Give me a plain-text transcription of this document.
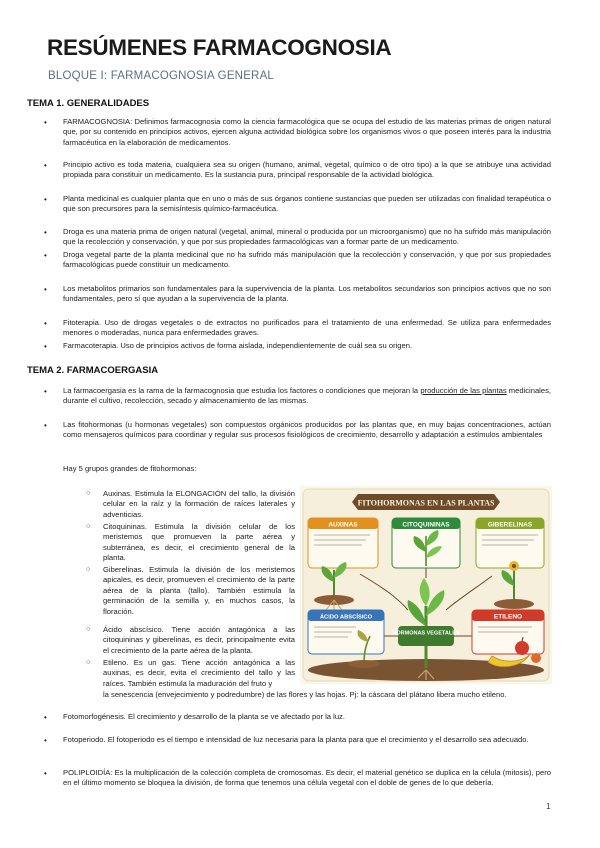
RESÚMENES FARMACOGNOSIA
BLOQUE I: FARMACOGNOSIA GENERAL
TEMA 1. GENERALIDADES
• FARMACOGNOSIA: Definimos farmacognosia como la ciencia farmacológica que se ocupa del estudio de las materias primas de origen natural que, por su contenido en principios activos, ejercen alguna actividad biológica sobre los organismos vivos o que poseen interés para la industria farmacéutica en la elaboración de medicamentos.
• Principio activo es toda materia, cualquiera sea su origen (humano, animal, vegetal, químico o de otro tipo) a la que se atribuye una actividad propiada para constituir un medicamento. Es la sustancia pura, principal responsable de la actividad biológica.
• Planta medicinal es cualquier planta que en uno o más de sus órganos contiene sustancias que pueden ser utilizadas con finalidad terapéutica o que son precursores para la semisíntesis químico-farmacéutica.
• Droga es una materia prima de origen natural (vegetal, animal, mineral o producida por un microorganismo) que no ha sufrido más manipulación que la recolección y conservación, y que por sus propiedades farmacológicas van a formar parte de un medicamento.
• Droga vegetal parte de la planta medicinal que no ha sufrido más manipulación que la recolección y conservación, y que por sus propiedades farmacológicas puede constituir un medicamento.
• Los metabolitos primarios son fundamentales para la supervivencia de la planta. Los metabolitos secundarios son principios activos que no son fundamentales, pero sí que ayudan a la supervivencia de la planta.
• Fitoterapia. Uso de drogas vegetales o de extractos no purificados para el tratamiento de una enfermedad. Se utiliza para enfermedades menores o moderadas, nunca para enfermedades graves.
• Farmacoterapia. Uso de principios activos de forma aislada, independientemente de cuál sea su origen.
TEMA 2. FARMACOERGASIA
• La farmacoergasia es la rama de la farmacognosia que estudia los factores o condiciones que mejoran la producción de las plantas medicinales, durante el cultivo, recolección, secado y almacenamiento de las mismas.
• Las fitohormonas (u hormonas vegetales) son compuestos orgánicos producidos por las plantas que, en muy bajas concentraciones, actúan como mensajeros químicos para coordinar y regular sus procesos fisiológicos de crecimiento, desarrollo y adaptación a estímulos ambientales
Hay 5 grupos grandes de fitohormonas:
○ Auxinas. Estimula la ELONGACIÓN del tallo, la división celular en la raíz y la formación de raíces laterales y adventicias.
○ Citoquininas. Estimula la división celular de los meristemos que promueven la parte aérea y subterránea, es decir, el crecimiento general de la planta.
○ Giberelinas. Estimula la división de los meristemos apicales, es decir, promueven el crecimiento de la parte aérea de la planta (tallo). También estimula la germinación de la semilla y, en muchos casos, la floración.
○ Ácido abscísico. Tiene acción antagónica a las citoquininas y giberelinas, es decir, principalmente evita el crecimiento de la parte aérea de la planta.
○ Etileno. Es un gas. Tiene acción antagónica a las auxinas, es decir, evita el crecimiento del tallo y las raíces. También estimula la maduración del fruto y
la senescencia (envejecimiento y podredumbre) de las flores y las hojas. Pj: la cáscara del plátano libera mucho etileno.
FITOHORMONAS EN LAS PLANTAS
HORMONAS VEGETALES
AUXINAS	CITOQUININAS	GIBERELINAS
ÁCIDO ABSCÍSICO	ETILENO
• Fotomorfogénesis. El crecimiento y desarrollo de la planta se ve afectado por la luz.
• Fotoperiodo. El fotoperiodo es el tiempo e intensidad de luz necesaria para la planta para que el crecimiento y el desarrollo sea adecuado.
• POLIPLOIDÍA: Es la multiplicación de la colección completa de cromosomas. Es decir, el material genético se duplica en la célula (mitosis), pero en el último momento se bloquea la división, de forma que tenemos una célula vegetal con el doble de genes de lo que debería.
1
